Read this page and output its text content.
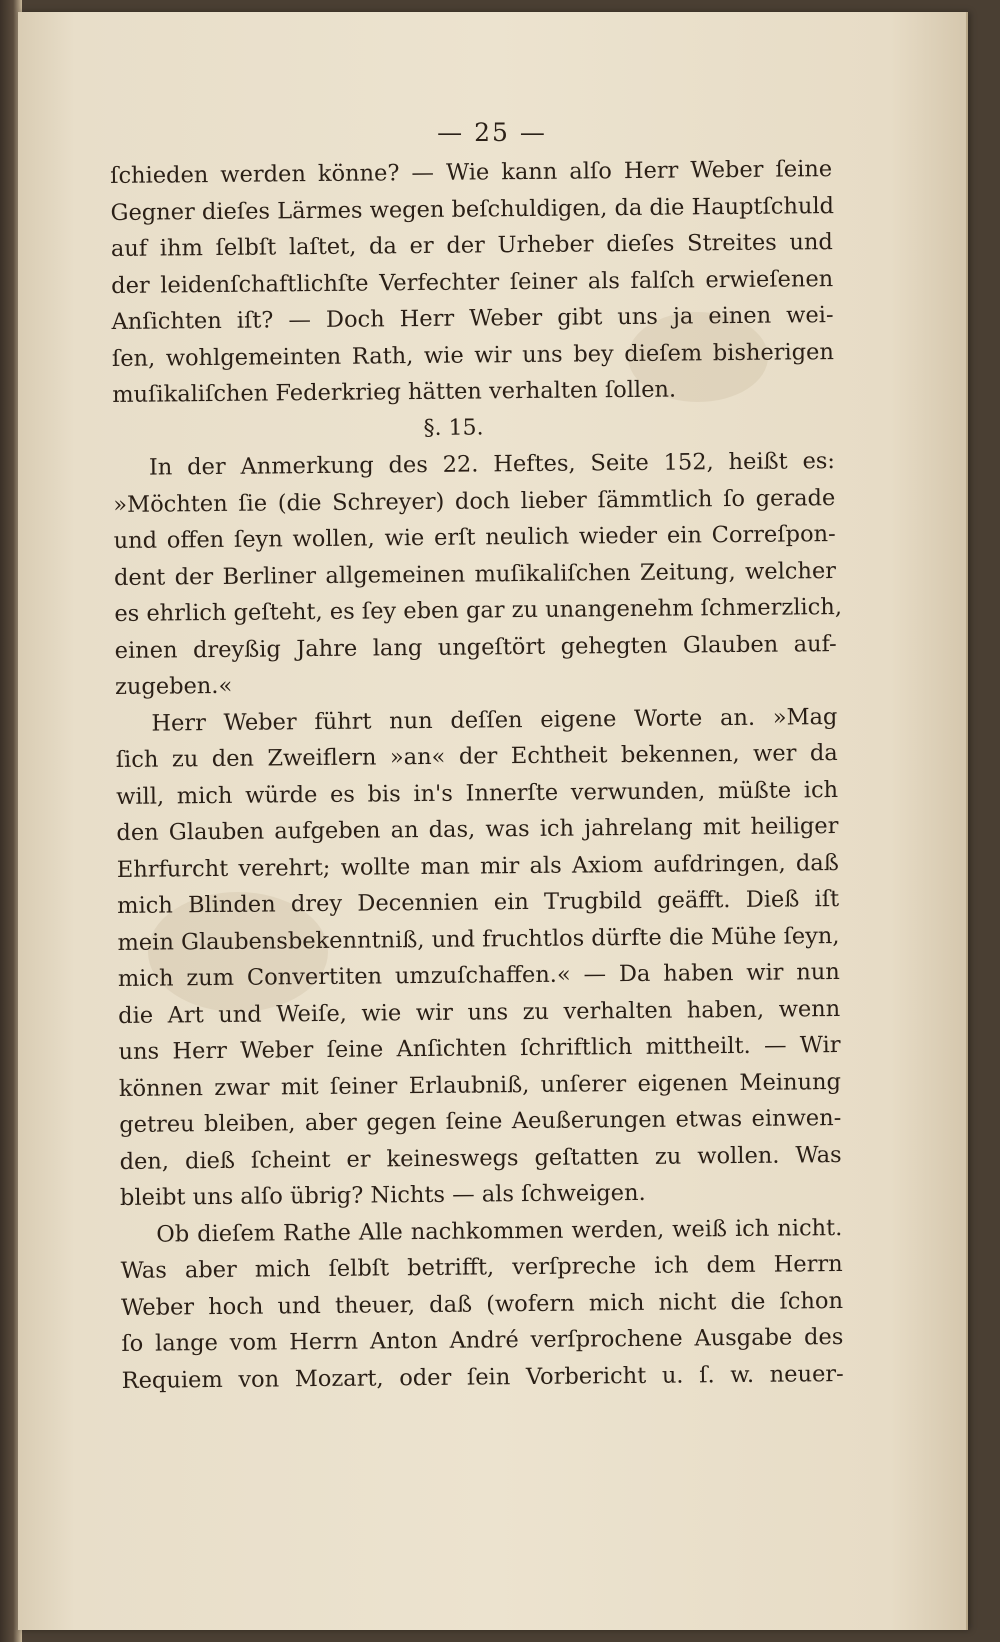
— 25 —
ſchieden werden könne? — Wie kann alſo Herr Weber ſeine
Gegner dieſes Lärmes wegen beſchuldigen, da die Hauptſchuld
auf ihm ſelbſt laſtet, da er der Urheber dieſes Streites und
der leidenſchaftlichſte Verfechter ſeiner als falſch erwieſenen
Anſichten iſt? — Doch Herr Weber gibt uns ja einen wei-
ſen, wohlgemeinten Rath, wie wir uns bey dieſem bisherigen
muſikaliſchen Federkrieg hätten verhalten ſollen.
§. 15.
In der Anmerkung des 22. Heftes, Seite 152, heißt es:
»Möchten ſie (die Schreyer) doch lieber ſämmtlich ſo gerade
und offen ſeyn wollen, wie erſt neulich wieder ein Correſpon-
dent der Berliner allgemeinen muſikaliſchen Zeitung, welcher
es ehrlich geſteht, es ſey eben gar zu unangenehm ſchmerzlich,
einen dreyßig Jahre lang ungeſtört gehegten Glauben auf-
zugeben.«
Herr Weber führt nun deſſen eigene Worte an. »Mag
ſich zu den Zweiflern »an« der Echtheit bekennen, wer da
will, mich würde es bis in's Innerſte verwunden, müßte ich
den Glauben aufgeben an das, was ich jahrelang mit heiliger
Ehrfurcht verehrt; wollte man mir als Axiom aufdringen, daß
mich Blinden drey Decennien ein Trugbild geäfft. Dieß iſt
mein Glaubensbekenntniß, und fruchtlos dürfte die Mühe ſeyn,
mich zum Convertiten umzuſchaffen.« — Da haben wir nun
die Art und Weiſe, wie wir uns zu verhalten haben, wenn
uns Herr Weber ſeine Anſichten ſchriftlich mittheilt. — Wir
können zwar mit ſeiner Erlaubniß, unſerer eigenen Meinung
getreu bleiben, aber gegen ſeine Aeußerungen etwas einwen-
den, dieß ſcheint er keineswegs geſtatten zu wollen. Was
bleibt uns alſo übrig? Nichts — als ſchweigen.
Ob dieſem Rathe Alle nachkommen werden, weiß ich nicht.
Was aber mich ſelbſt betrifft, verſpreche ich dem Herrn
Weber hoch und theuer, daß (wofern mich nicht die ſchon
ſo lange vom Herrn Anton André verſprochene Ausgabe des
Requiem von Mozart, oder ſein Vorbericht u. ſ. w. neuer-
